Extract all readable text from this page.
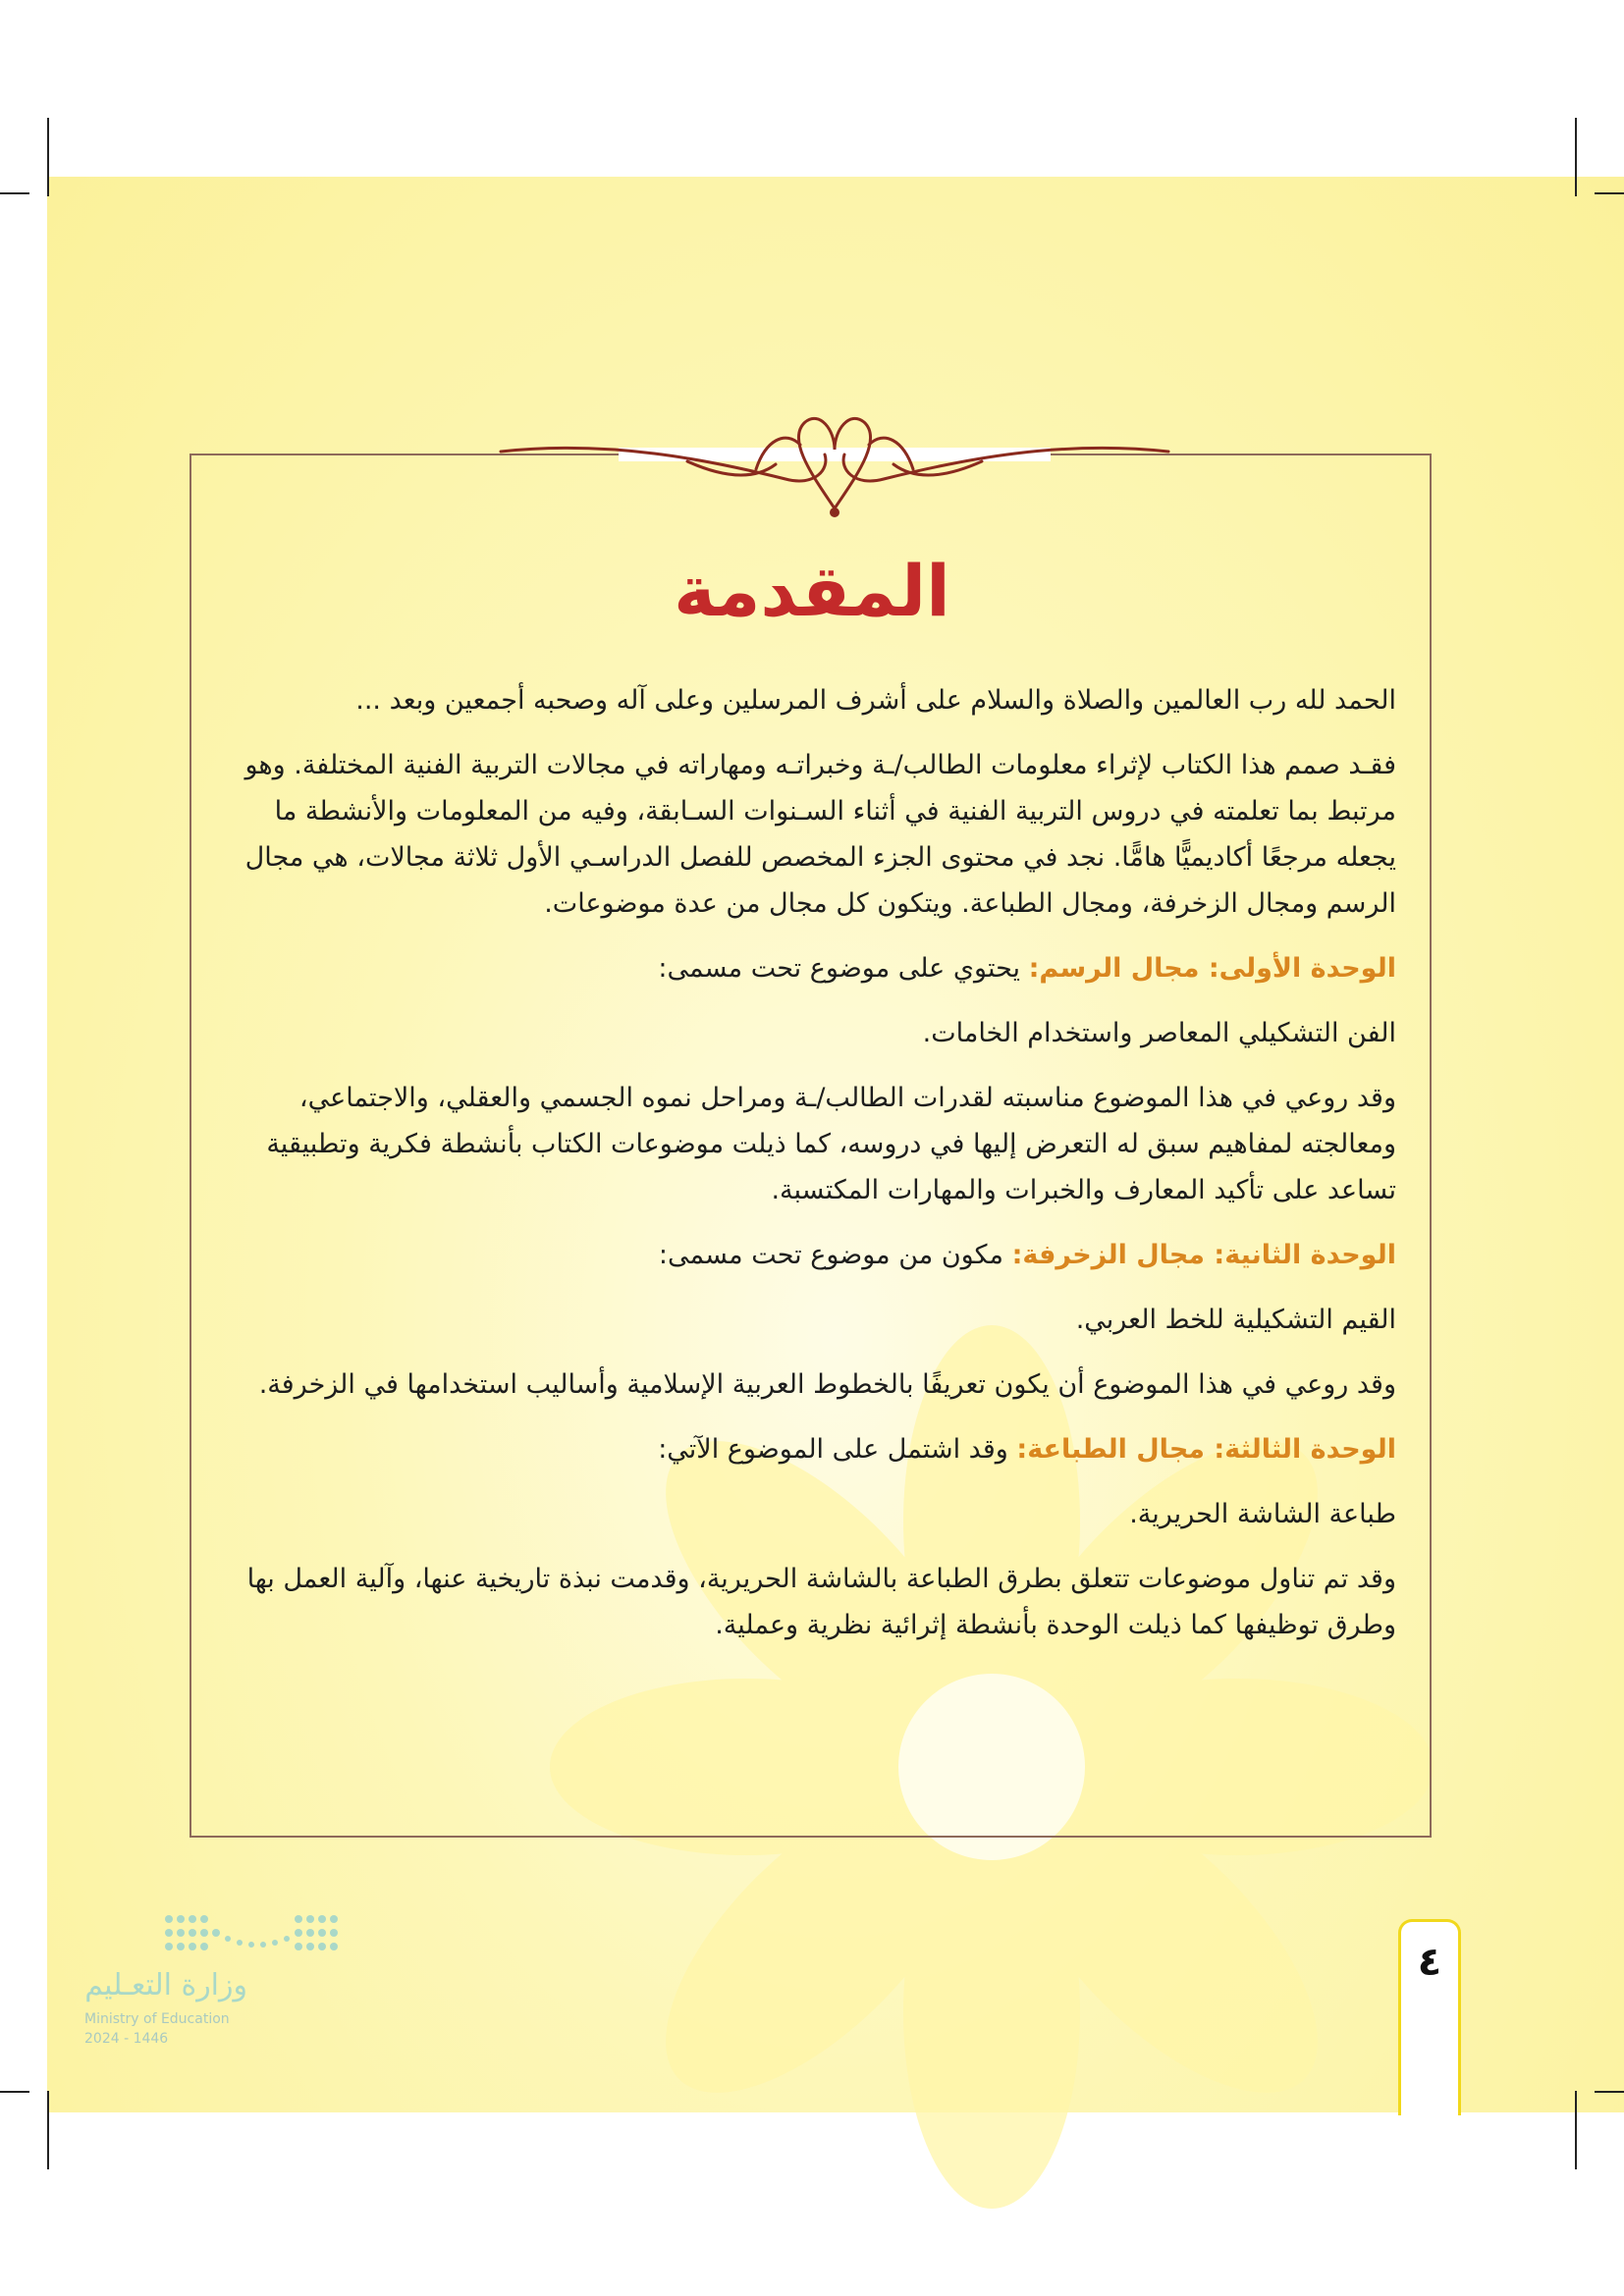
المقدمة

الحمد لله رب العالمين والصلاة والسلام على أشرف المرسلين وعلى آله وصحبه أجمعين وبعد ...

فقـد صمم هذا الكتاب لإثراء معلومات الطالب/ـة وخبراتـه ومهاراته في مجالات التربية الفنية المختلفة. وهو مرتبط بما تعلمته في دروس التربية الفنية في أثناء السـنوات السـابقة، وفيه من المعلومات والأنشطة ما يجعله مرجعًا أكاديميًّا هامًّا. نجد في محتوى الجزء المخصص للفصل الدراسـي الأول ثلاثة مجالات، هي مجال الرسم ومجال الزخرفة، ومجال الطباعة. ويتكون كل مجال من عدة موضوعات.

الوحدة الأولى: مجال الرسم: يحتوي على موضوع تحت مسمى:

الفن التشكيلي المعاصر واستخدام الخامات.

وقد روعي في هذا الموضوع مناسبته لقدرات الطالب/ـة ومراحل نموه الجسمي والعقلي، والاجتماعي، ومعالجته لمفاهيم سبق له التعرض إليها في دروسه، كما ذيلت موضوعات الكتاب بأنشطة فكرية وتطبيقية تساعد على تأكيد المعارف والخبرات والمهارات المكتسبة.

الوحدة الثانية: مجال الزخرفة: مكون من موضوع تحت مسمى:

القيم التشكيلية للخط العربي.

وقد روعي في هذا الموضوع أن يكون تعريفًا بالخطوط العربية الإسلامية وأساليب استخدامها في الزخرفة.

الوحدة الثالثة: مجال الطباعة: وقد اشتمل على الموضوع الآتي:

طباعة الشاشة الحريرية.

وقد تم تناول موضوعات تتعلق بطرق الطباعة بالشاشة الحريرية، وقدمت نبذة تاريخية عنها، وآلية العمل بها وطرق توظيفها كما ذيلت الوحدة بأنشطة إثرائية نظرية وعملية.

وزارة التعـليم
Ministry of Education
2024 - 1446
٤
